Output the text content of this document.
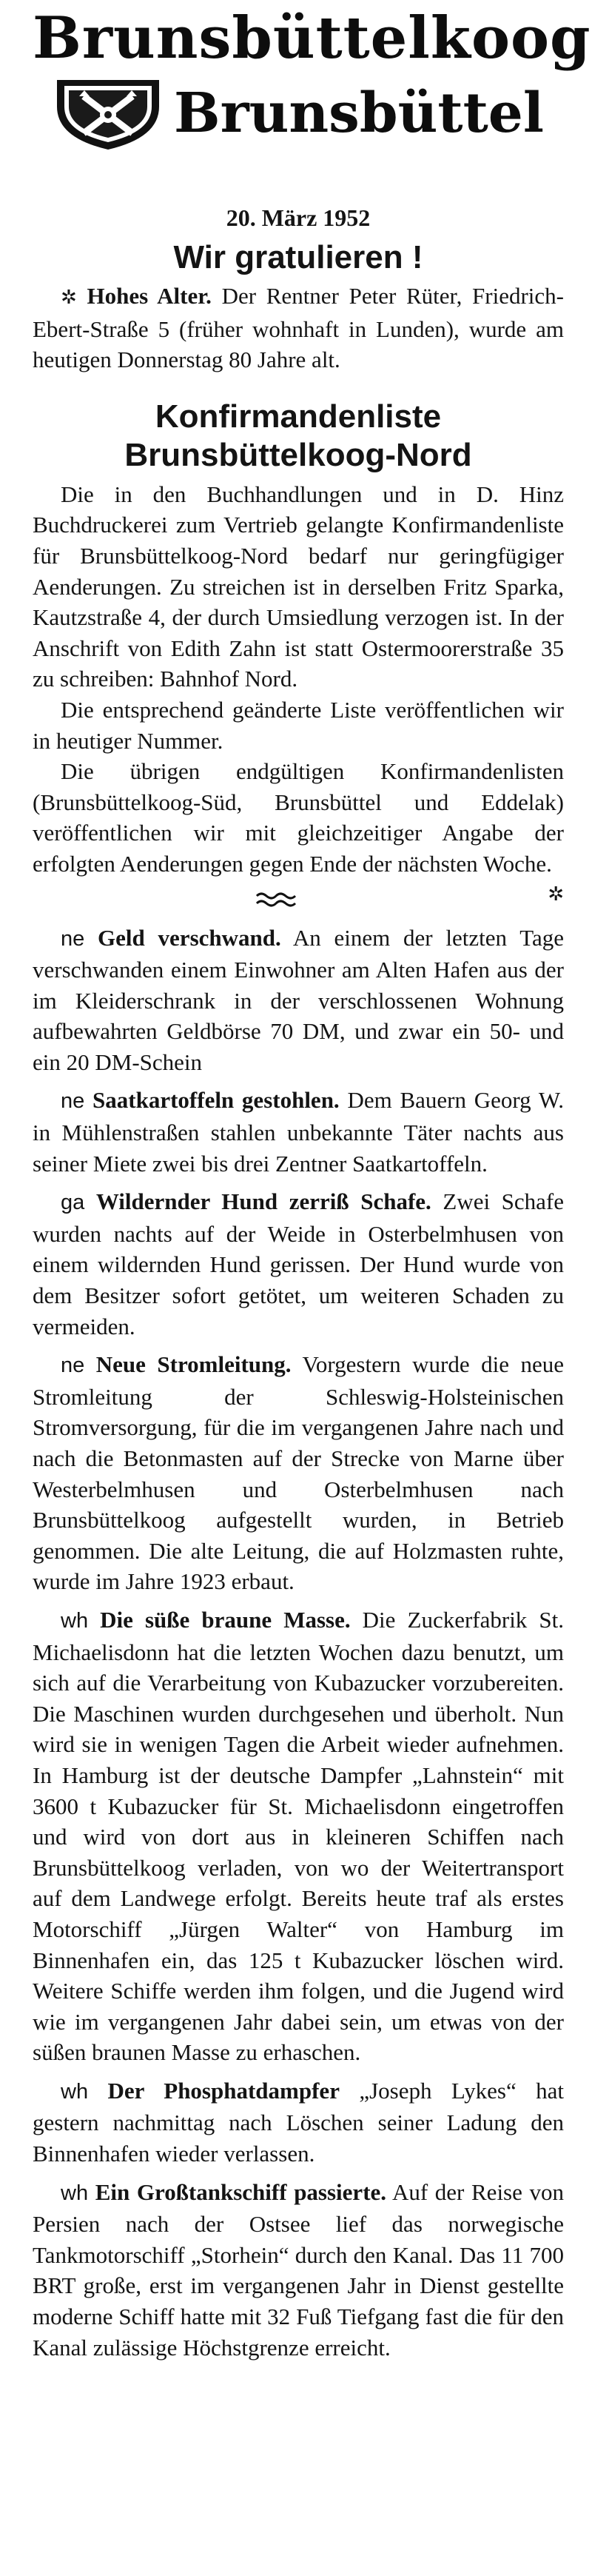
Brunsbüttelkoog
Brunsbüttel
20. März 1952
Wir gratulieren !

✲ Hohes Alter. Der Rentner Peter Rüter, Friedrich-Ebert-Straße 5 (früher wohnhaft in Lunden), wurde am heutigen Donnerstag 80 Jahre alt.

Konfirmandenliste
Brunsbüttelkoog-Nord

Die in den Buchhandlungen und in D. Hinz Buchdruckerei zum Vertrieb gelangte Konfirmandenliste für Brunsbüttelkoog-Nord bedarf nur geringfügiger Aenderungen. Zu streichen ist in derselben Fritz Sparka, Kautzstraße 4, der durch Umsiedlung verzogen ist. In der Anschrift von Edith Zahn ist statt Ostermoorerstraße 35 zu schreiben: Bahnhof Nord.

Die entsprechend geänderte Liste veröffentlichen wir in heutiger Nummer.

Die übrigen endgültigen Konfirmandenlisten (Brunsbüttelkoog-Süd, Brunsbüttel und Eddelak) veröffentlichen wir mit gleichzeitiger Angabe der erfolgten Aenderungen gegen Ende der nächsten Woche.
✲

ne Geld verschwand. An einem der letzten Tage verschwanden einem Einwohner am Alten Hafen aus der im Kleiderschrank in der verschlossenen Wohnung aufbewahrten Geldbörse 70 DM, und zwar ein 50- und ein 20 DM-Schein

ne Saatkartoffeln gestohlen. Dem Bauern Georg W. in Mühlenstraßen stahlen unbekannte Täter nachts aus seiner Miete zwei bis drei Zentner Saatkartoffeln.

ga Wildernder Hund zerriß Schafe. Zwei Schafe wurden nachts auf der Weide in Osterbelmhusen von einem wildernden Hund gerissen. Der Hund wurde von dem Besitzer sofort getötet, um weiteren Schaden zu vermeiden.

ne Neue Stromleitung. Vorgestern wurde die neue Stromleitung der Schleswig-Holsteinischen Stromversorgung, für die im vergangenen Jahre nach und nach die Betonmasten auf der Strecke von Marne über Westerbelmhusen und Osterbelmhusen nach Brunsbüttelkoog aufgestellt wurden, in Betrieb genommen. Die alte Leitung, die auf Holzmasten ruhte, wurde im Jahre 1923 erbaut.

wh Die süße braune Masse. Die Zuckerfabrik St. Michaelisdonn hat die letzten Wochen dazu benutzt, um sich auf die Verarbeitung von Kubazucker vorzubereiten. Die Maschinen wurden durchgesehen und überholt. Nun wird sie in wenigen Tagen die Arbeit wieder aufnehmen. In Hamburg ist der deutsche Dampfer „Lahnstein“ mit 3600 t Kubazucker für St. Michaelisdonn eingetroffen und wird von dort aus in kleineren Schiffen nach Brunsbüttelkoog verladen, von wo der Weitertransport auf dem Landwege erfolgt. Bereits heute traf als erstes Motorschiff „Jürgen Walter“ von Hamburg im Binnenhafen ein, das 125 t Kubazucker löschen wird. Weitere Schiffe werden ihm folgen, und die Jugend wird wie im vergangenen Jahr dabei sein, um etwas von der süßen braunen Masse zu erhaschen.

wh Der Phosphatdampfer „Joseph Lykes“ hat gestern nachmittag nach Löschen seiner Ladung den Binnenhafen wieder verlassen.

wh Ein Großtankschiff passierte. Auf der Reise von Persien nach der Ostsee lief das norwegische Tankmotorschiff „Storhein“ durch den Kanal. Das 11 700 BRT große, erst im vergangenen Jahr in Dienst gestellte moderne Schiff hatte mit 32 Fuß Tiefgang fast die für den Kanal zulässige Höchstgrenze erreicht.
